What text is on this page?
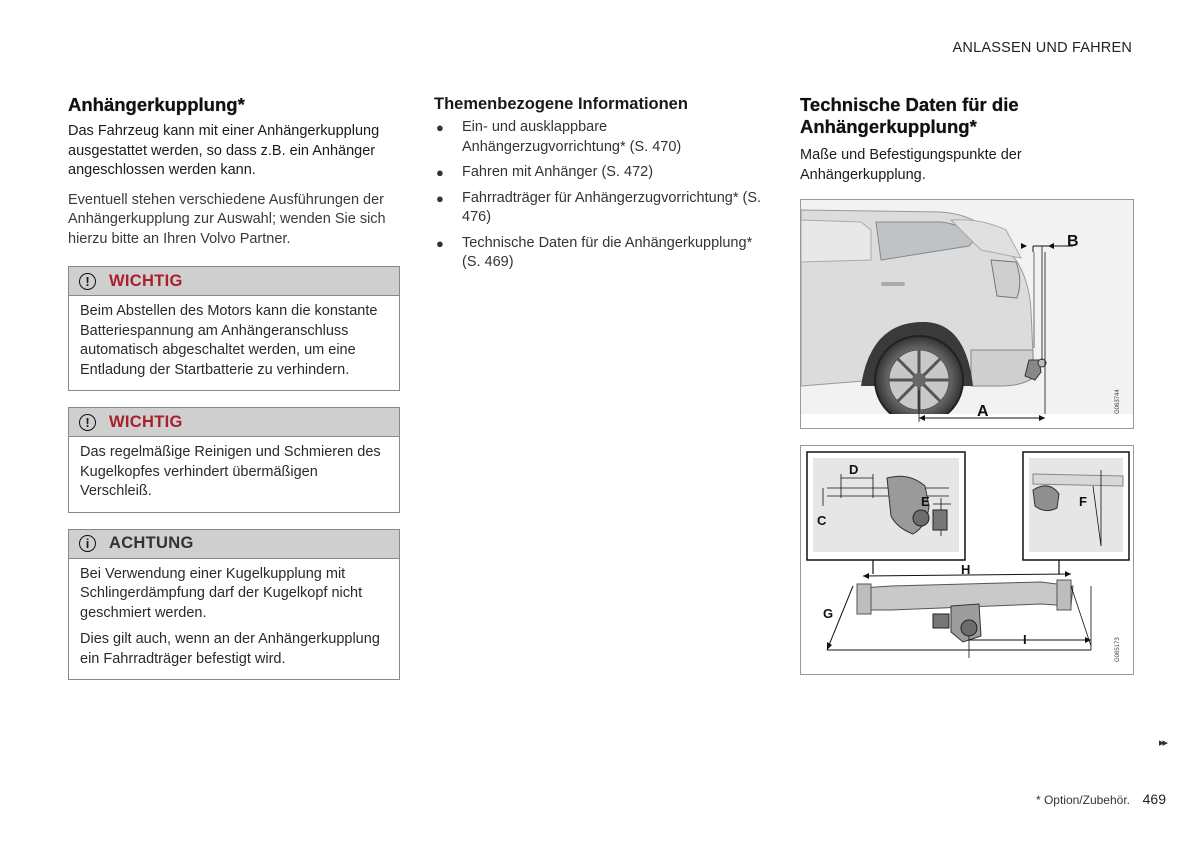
ANLASSEN UND FAHREN
Anhängerkupplung*

Das Fahrzeug kann mit einer Anhängerkupplung ausgestattet werden, so dass z.B. ein Anhänger angeschlossen werden kann.

Eventuell stehen verschiedene Ausführungen der Anhängerkupplung zur Auswahl; wenden Sie sich hierzu bitte an Ihren Volvo Partner.

!	WICHTIG

Beim Abstellen des Motors kann die konstante Batteriespannung am Anhängeranschluss automatisch abgeschaltet werden, um eine Entladung der Startbatterie zu verhindern.

!	WICHTIG

Das regelmäßige Reinigen und Schmieren des Kugelkopfes verhindert übermäßigen Verschleiß.

i	ACHTUNG

Bei Verwendung einer Kugelkupplung mit Schlingerdämpfung darf der Kugelkopf nicht geschmiert werden.

Dies gilt auch, wenn an der Anhängerkupplung ein Fahrradträger befestigt wird.

Themenbezogene Informationen
● Ein- und ausklappbare Anhängerzugvorrichtung* (S. 470)
● Fahren mit Anhänger (S. 472)
● Fahrradträger für Anhängerzugvorrichtung* (S. 476)
● Technische Daten für die Anhängerkupplung* (S. 469)
Technische Daten für die Anhängerkupplung*

Maße und Befestigungspunkte der Anhängerkupplung.

B
A	G063744
D
C
E	F
H
G
I	G065173
▸▸
* Option/Zubehör. 469
